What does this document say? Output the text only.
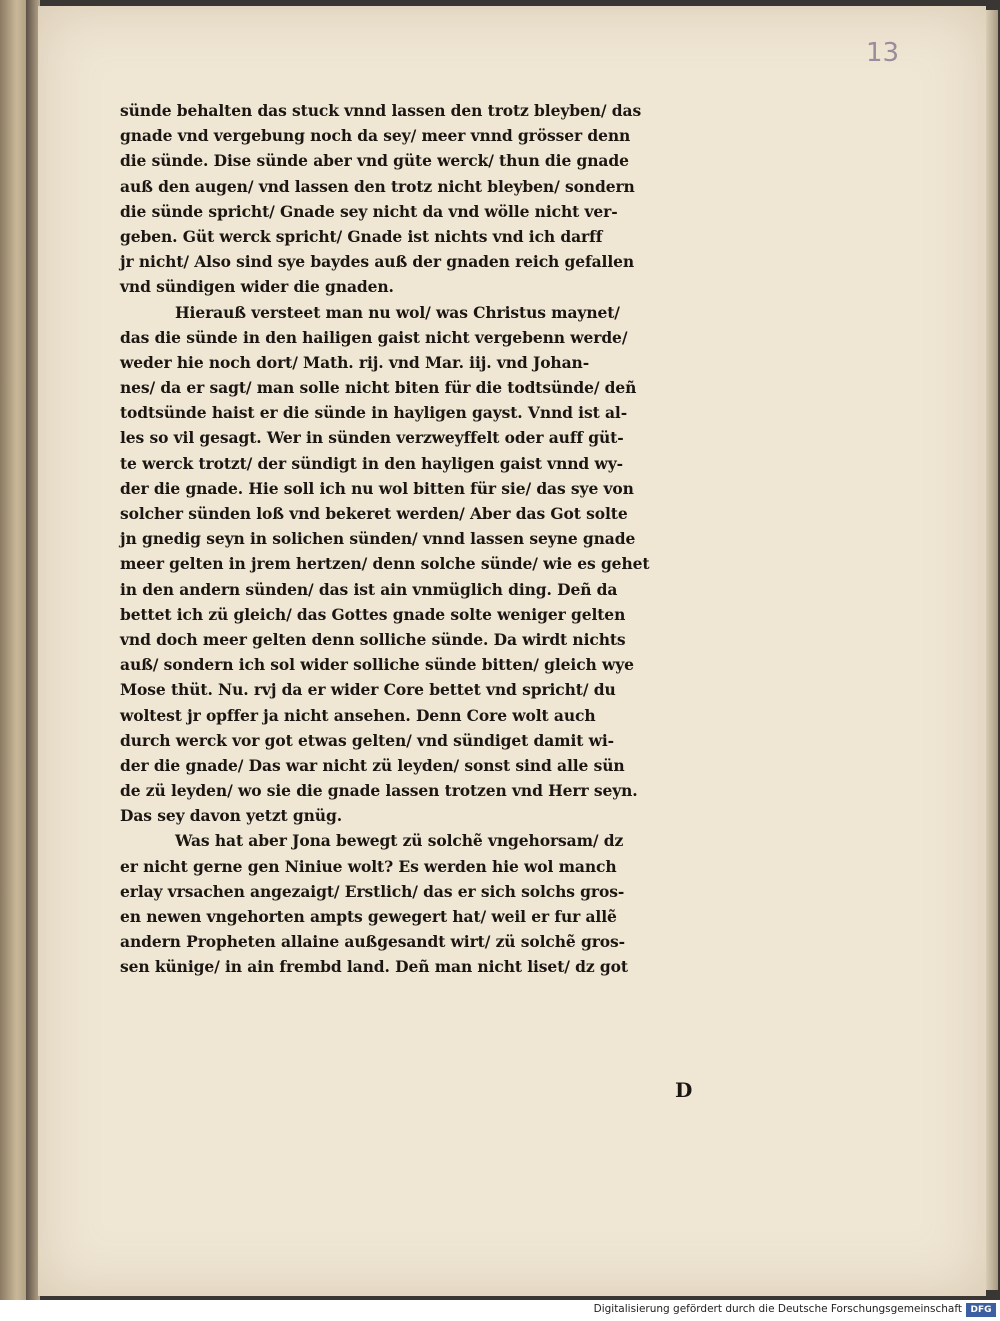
13
sünde behalten das stuck vnnd lassen den trotz bleyben/ das
gnade vnd vergebung noch da sey/ meer vnnd grösser denn
die sünde. Dise sünde aber vnd güte werck/ thun die gnade
auß den augen/ vnd lassen den trotz nicht bleyben/ sondern
die sünde spricht/ Gnade sey nicht da vnd wölle nicht ver-
geben. Güt werck spricht/ Gnade ist nichts vnd ich darff
jr nicht/ Also sind sye baydes auß der gnaden reich gefallen
vnd sündigen wider die gnaden.
Hierauß versteet man nu wol/ was Christus maynet/
das die sünde in den hailigen gaist nicht vergebenn werde/
weder hie noch dort/ Math. rij. vnd Mar. iij. vnd Johan-
nes/ da er sagt/ man solle nicht biten für die todtsünde/ deñ
todtsünde haist er die sünde in hayligen gayst. Vnnd ist al-
les so vil gesagt. Wer in sünden verzweyffelt oder auff güt-
te werck trotzt/ der sündigt in den hayligen gaist vnnd wy-
der die gnade. Hie soll ich nu wol bitten für sie/ das sye von
solcher sünden loß vnd bekeret werden/ Aber das Got solte
jn gnedig seyn in solichen sünden/ vnnd lassen seyne gnade
meer gelten in jrem hertzen/ denn solche sünde/ wie es gehet
in den andern sünden/ das ist ain vnmüglich ding. Deñ da
bettet ich zü gleich/ das Gottes gnade solte weniger gelten
vnd doch meer gelten denn solliche sünde. Da wirdt nichts
auß/ sondern ich sol wider solliche sünde bitten/ gleich wye
Mose thüt. Nu. rvj da er wider Core bettet vnd spricht/ du
woltest jr opffer ja nicht ansehen. Denn Core wolt auch
durch werck vor got etwas gelten/ vnd sündiget damit wi-
der die gnade/ Das war nicht zü leyden/ sonst sind alle sün
de zü leyden/ wo sie die gnade lassen trotzen vnd Herr seyn.
Das sey davon yetzt gnüg.
Was hat aber Jona bewegt zü solchẽ vngehorsam/ dz
er nicht gerne gen Niniue wolt? Es werden hie wol manch
erlay vrsachen angezaigt/ Erstlich/ das er sich solchs gros-
en newen vngehorten ampts gewegert hat/ weil er fur allẽ
andern Propheten allaine außgesandt wirt/ zü solchẽ gros-
sen künige/ in ain frembd land. Deñ man nicht liset/ dz got
D
Digitalisierung gefördert durch die Deutsche Forschungsgemeinschaft DFG
